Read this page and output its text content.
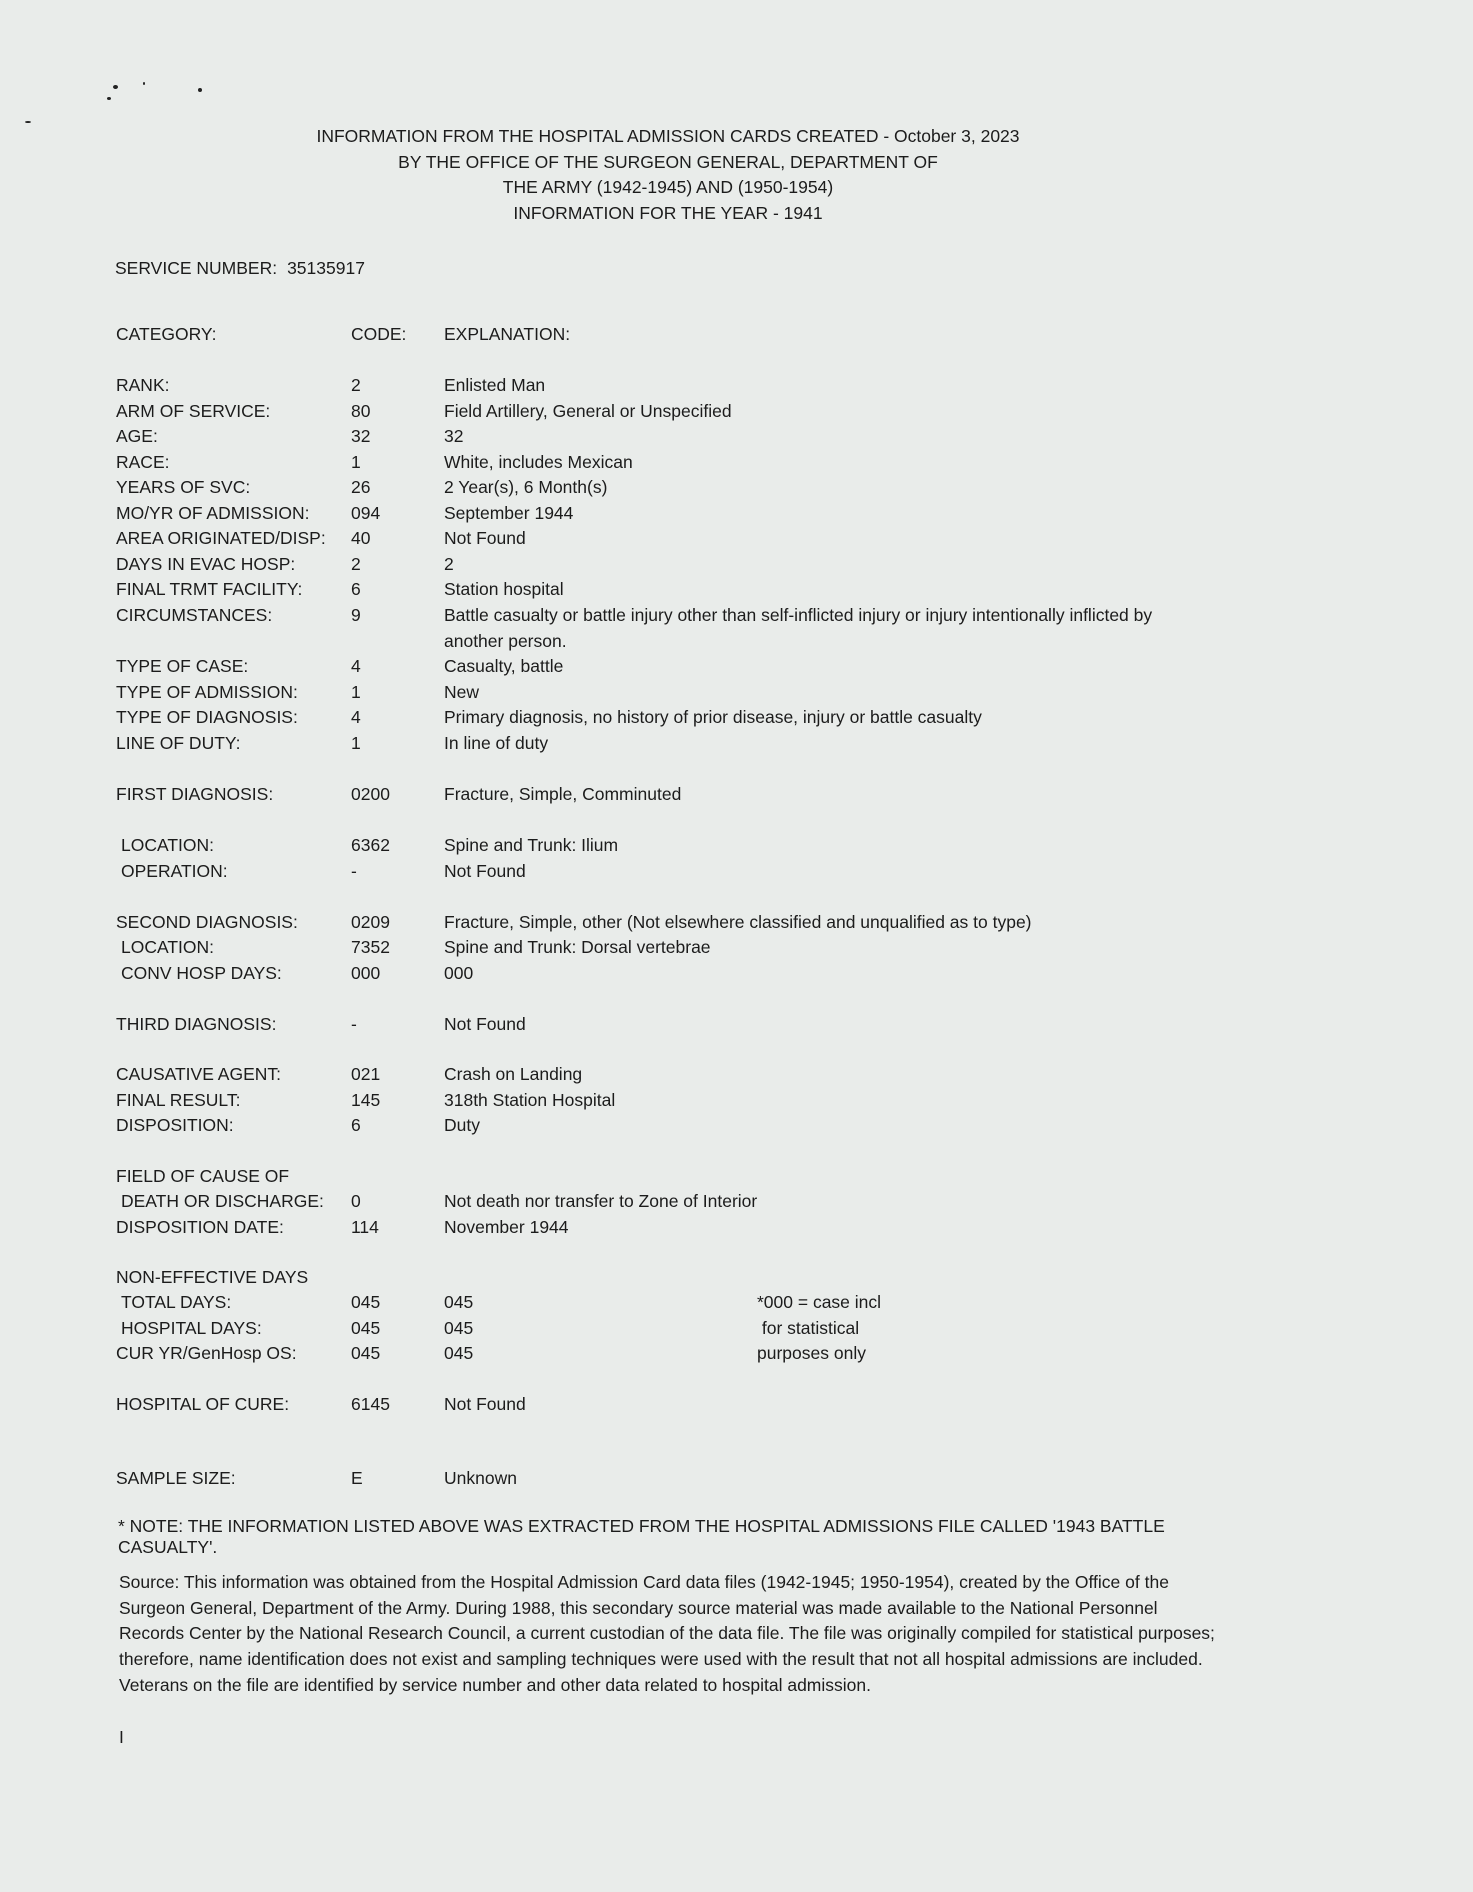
INFORMATION FROM THE HOSPITAL ADMISSION CARDS CREATED - October 3, 2023
BY THE OFFICE OF THE SURGEON GENERAL, DEPARTMENT OF
THE ARMY (1942-1945) AND (1950-1954)
INFORMATION FOR THE YEAR - 1941
SERVICE NUMBER: 35135917
CATEGORY:	CODE: EXPLANATION:
RANK:	2	Enlisted Man
ARM OF SERVICE:	80	Field Artillery, General or Unspecified
AGE:	32	32
RACE:	1	White, includes Mexican
YEARS OF SVC:	26	2 Year(s), 6 Month(s)
MO/YR OF ADMISSION: 094	September 1944
AREA ORIGINATED/DISP: 40	Not Found
DAYS IN EVAC HOSP:	2	2
FINAL TRMT FACILITY:	6	Station hospital
CIRCUMSTANCES:	9	Battle casualty or battle injury other than self-inflicted injury or injury intentionally inflicted by another person.
TYPE OF CASE:	4	Casualty, battle
TYPE OF ADMISSION:	1	New
TYPE OF DIAGNOSIS:	4	Primary diagnosis, no history of prior disease, injury or battle casualty
LINE OF DUTY:	1	In line of duty
FIRST DIAGNOSIS:	0200	Fracture, Simple, Comminuted
LOCATION:	6362	Spine and Trunk: Ilium
OPERATION:	-	Not Found
SECOND DIAGNOSIS:	0209	Fracture, Simple, other (Not elsewhere classified and unqualified as to type)
LOCATION:	7352	Spine and Trunk: Dorsal vertebrae
CONV HOSP DAYS:	000	000
THIRD DIAGNOSIS:	-	Not Found
CAUSATIVE AGENT:	021	Crash on Landing
FINAL RESULT:	145	318th Station Hospital
DISPOSITION:	6	Duty
FIELD OF CAUSE OF
DEATH OR DISCHARGE: 0	Not death nor transfer to Zone of Interior
DISPOSITION DATE:	114	November 1944
NON-EFFECTIVE DAYS
TOTAL DAYS:	045	045
HOSPITAL DAYS:	045	045
CUR YR/GenHosp OS:	045	045
*000 = case incl
for statistical
purposes only
HOSPITAL OF CURE:	6145	Not Found
SAMPLE SIZE:	E	Unknown
* NOTE: THE INFORMATION LISTED ABOVE WAS EXTRACTED FROM THE HOSPITAL ADMISSIONS FILE CALLED '1943 BATTLE CASUALTY'.
Source: This information was obtained from the Hospital Admission Card data files (1942-1945; 1950-1954), created by the Office of the Surgeon General, Department of the Army. During 1988, this secondary source material was made available to the National Personnel Records Center by the National Research Council, a current custodian of the data file. The file was originally compiled for statistical purposes; therefore, name identification does not exist and sampling techniques were used with the result that not all hospital admissions are included. Veterans on the file are identified by service number and other data related to hospital admission.
I
